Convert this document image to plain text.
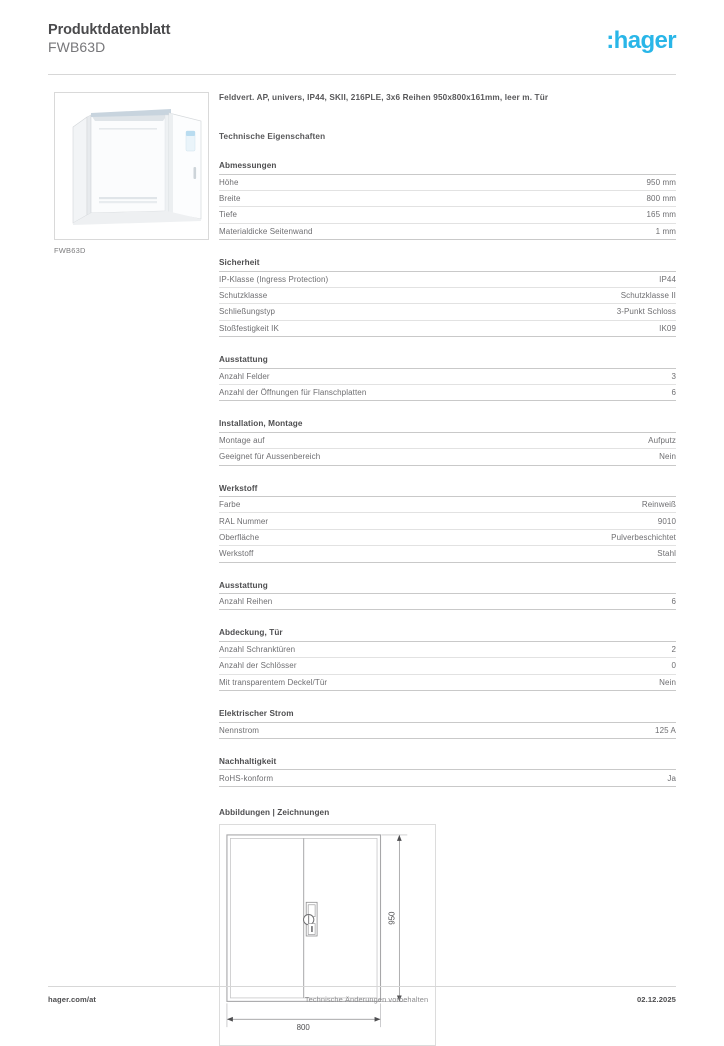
Produktdatenblatt
FWB63D	:hager
FWB63D
Feldvert. AP, univers, IP44, SKII, 216PLE, 3x6 Reihen 950x800x161mm, leer m. Tür
Technische Eigenschaften
Abmessungen
Höhe	950 mm
Breite	800 mm
Tiefe	165 mm
Materialdicke Seitenwand	1 mm
Sicherheit
IP-Klasse (Ingress Protection)	IP44
Schutzklasse	Schutzklasse II
Schließungstyp	3-Punkt Schloss
Stoßfestigkeit IK	IK09
Ausstattung
Anzahl Felder	3
Anzahl der Öffnungen für Flanschplatten	6
Installation, Montage
Montage auf	Aufputz
Geeignet für Aussenbereich	Nein
Werkstoff
Farbe	Reinweiß
RAL Nummer	9010
Oberfläche	Pulverbeschichtet
Werkstoff	Stahl
Ausstattung
Anzahl Reihen	6
Abdeckung, Tür
Anzahl Schranktüren	2
Anzahl der Schlösser	0
Mit transparentem Deckel/Tür	Nein
Elektrischer Strom
Nennstrom	125 A
Nachhaltigkeit
RoHS-konform	Ja
Abbildungen | Zeichnungen
950
800
hager.com/at	Technische Änderungen vorbehalten	02.12.2025
